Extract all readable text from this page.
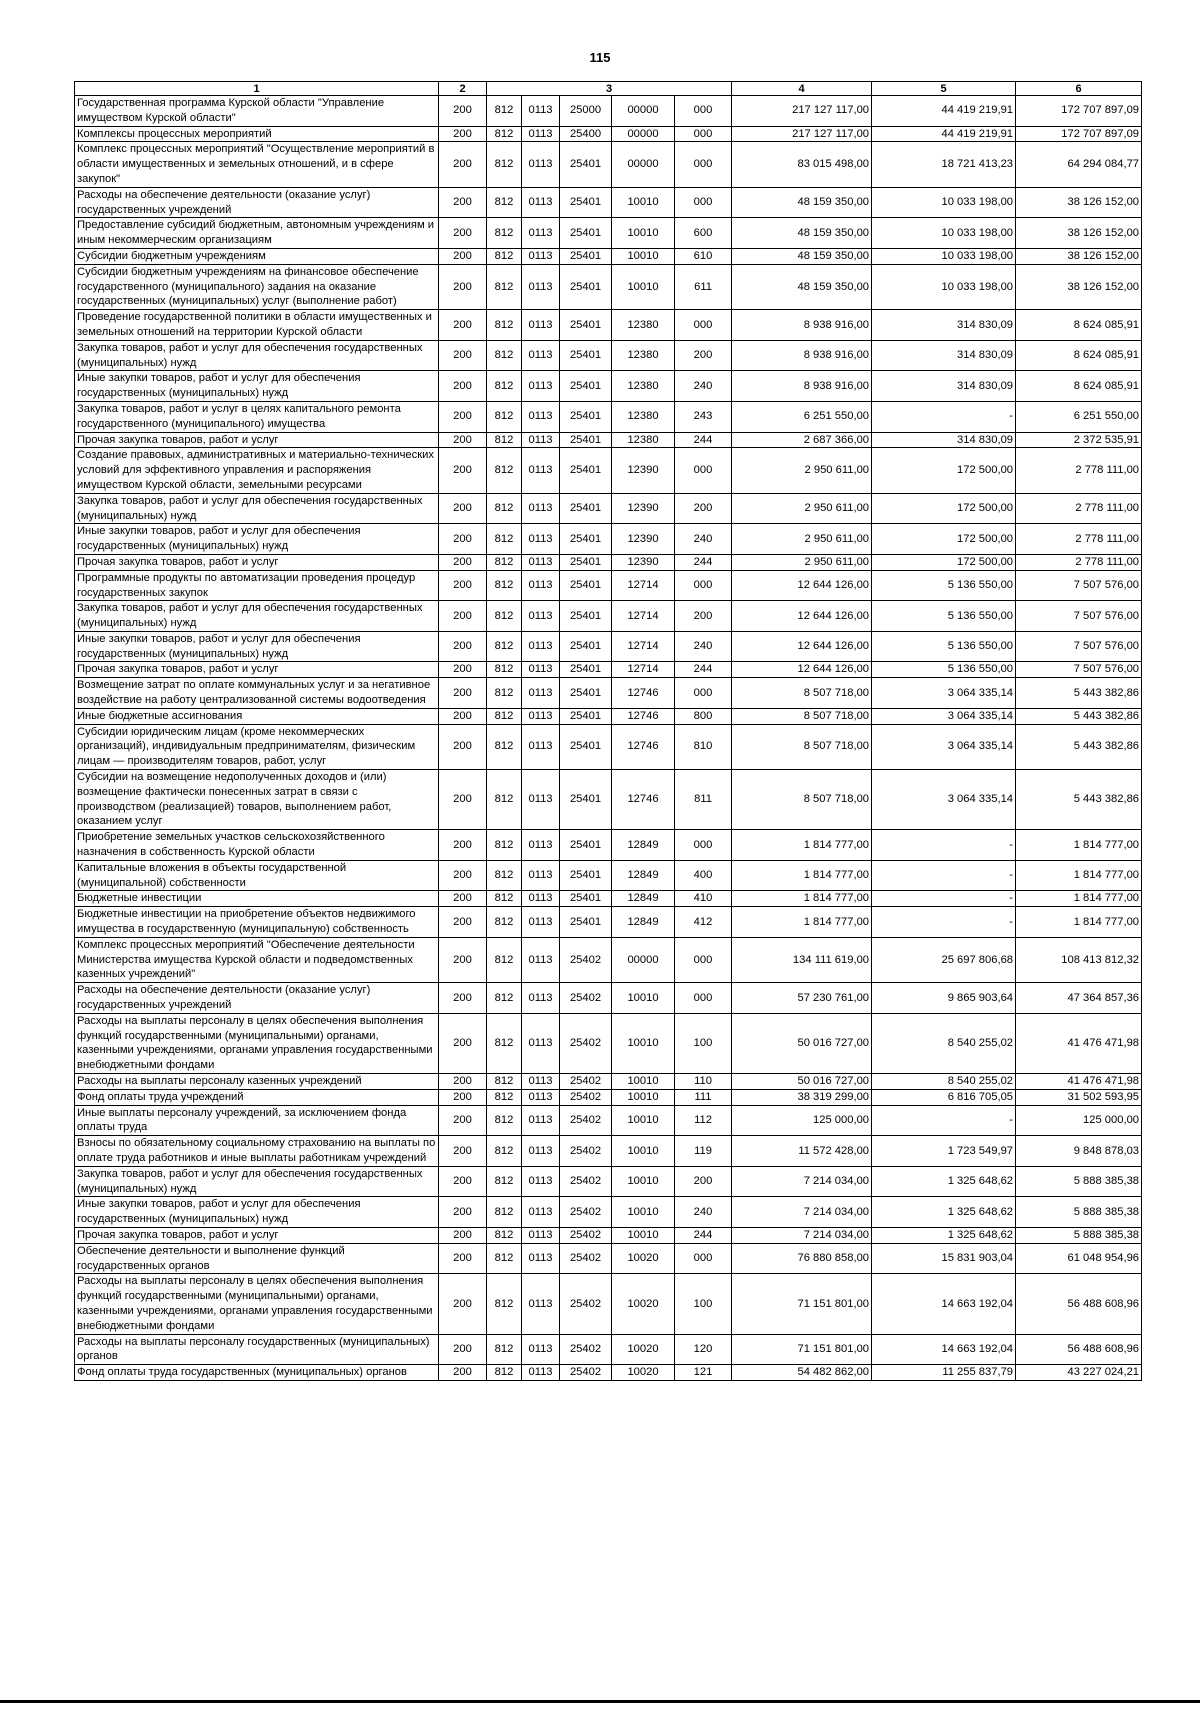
115
1	2	3					4	5	6
Государственная программа Курской области "Управление имуществом Курской области"	200	812	0113	25000	00000	000	217 127 117,00	44 419 219,91	172 707 897,09
Комплексы процессных мероприятий	200	812	0113	25400	00000	000	217 127 117,00	44 419 219,91	172 707 897,09
Комплекс процессных мероприятий "Осуществление мероприятий в области имущественных и земельных отношений, и в сфере закупок"	200	812	0113	25401	00000	000	83 015 498,00	18 721 413,23	64 294 084,77
Расходы на обеспечение деятельности (оказание услуг) государственных учреждений	200	812	0113	25401	10010	000	48 159 350,00	10 033 198,00	38 126 152,00
Предоставление субсидий бюджетным, автономным учреждениям и иным некоммерческим организациям	200	812	0113	25401	10010	600	48 159 350,00	10 033 198,00	38 126 152,00
Субсидии бюджетным учреждениям	200	812	0113	25401	10010	610	48 159 350,00	10 033 198,00	38 126 152,00
Субсидии бюджетным учреждениям на финансовое обеспечение государственного (муниципального) задания на оказание государственных (муниципальных) услуг (выполнение работ)	200	812	0113	25401	10010	611	48 159 350,00	10 033 198,00	38 126 152,00
Проведение государственной политики в области имущественных и земельных отношений на территории Курской области	200	812	0113	25401	12380	000	8 938 916,00	314 830,09	8 624 085,91
Закупка товаров, работ и услуг для обеспечения государственных (муниципальных) нужд	200	812	0113	25401	12380	200	8 938 916,00	314 830,09	8 624 085,91
Иные закупки товаров, работ и услуг для обеспечения государственных (муниципальных) нужд	200	812	0113	25401	12380	240	8 938 916,00	314 830,09	8 624 085,91
Закупка товаров, работ и услуг в целях капитального ремонта государственного (муниципального) имущества	200	812	0113	25401	12380	243	6 251 550,00	-	6 251 550,00
Прочая закупка товаров, работ и услуг	200	812	0113	25401	12380	244	2 687 366,00	314 830,09	2 372 535,91
Создание правовых, административных и материально-технических условий для эффективного управления и распоряжения имуществом Курской области, земельными ресурсами	200	812	0113	25401	12390	000	2 950 611,00	172 500,00	2 778 111,00
Закупка товаров, работ и услуг для обеспечения государственных (муниципальных) нужд	200	812	0113	25401	12390	200	2 950 611,00	172 500,00	2 778 111,00
Иные закупки товаров, работ и услуг для обеспечения государственных (муниципальных) нужд	200	812	0113	25401	12390	240	2 950 611,00	172 500,00	2 778 111,00
Прочая закупка товаров, работ и услуг	200	812	0113	25401	12390	244	2 950 611,00	172 500,00	2 778 111,00
Программные продукты по автоматизации проведения процедур государственных закупок	200	812	0113	25401	12714	000	12 644 126,00	5 136 550,00	7 507 576,00
Закупка товаров, работ и услуг для обеспечения государственных (муниципальных) нужд	200	812	0113	25401	12714	200	12 644 126,00	5 136 550,00	7 507 576,00
Иные закупки товаров, работ и услуг для обеспечения государственных (муниципальных) нужд	200	812	0113	25401	12714	240	12 644 126,00	5 136 550,00	7 507 576,00
Прочая закупка товаров, работ и услуг	200	812	0113	25401	12714	244	12 644 126,00	5 136 550,00	7 507 576,00
Возмещение затрат по оплате коммунальных услуг и за негативное воздействие на работу централизованной системы водоотведения	200	812	0113	25401	12746	000	8 507 718,00	3 064 335,14	5 443 382,86
Иные бюджетные ассигнования	200	812	0113	25401	12746	800	8 507 718,00	3 064 335,14	5 443 382,86
Субсидии юридическим лицам (кроме некоммерческих организаций), индивидуальным предпринимателям, физическим лицам — производителям товаров, работ, услуг	200	812	0113	25401	12746	810	8 507 718,00	3 064 335,14	5 443 382,86
Субсидии на возмещение недополученных доходов и (или) возмещение фактически понесенных затрат в связи с производством (реализацией) товаров, выполнением работ, оказанием услуг	200	812	0113	25401	12746	811	8 507 718,00	3 064 335,14	5 443 382,86
Приобретение земельных участков сельскохозяйственного назначения в собственность Курской области	200	812	0113	25401	12849	000	1 814 777,00	-	1 814 777,00
Капитальные вложения в объекты государственной (муниципальной) собственности	200	812	0113	25401	12849	400	1 814 777,00	-	1 814 777,00
Бюджетные инвестиции	200	812	0113	25401	12849	410	1 814 777,00	-	1 814 777,00
Бюджетные инвестиции на приобретение объектов недвижимого имущества в государственную (муниципальную) собственность	200	812	0113	25401	12849	412	1 814 777,00	-	1 814 777,00
Комплекс процессных мероприятий "Обеспечение деятельности Министерства имущества Курской области и подведомственных казенных учреждений"	200	812	0113	25402	00000	000	134 111 619,00	25 697 806,68	108 413 812,32
Расходы на обеспечение деятельности (оказание услуг) государственных учреждений	200	812	0113	25402	10010	000	57 230 761,00	9 865 903,64	47 364 857,36
Расходы на выплаты персоналу в целях обеспечения выполнения функций государственными (муниципальными) органами, казенными учреждениями, органами управления государственными внебюджетными фондами	200	812	0113	25402	10010	100	50 016 727,00	8 540 255,02	41 476 471,98
Расходы на выплаты персоналу казенных учреждений	200	812	0113	25402	10010	110	50 016 727,00	8 540 255,02	41 476 471,98
Фонд оплаты труда учреждений	200	812	0113	25402	10010	111	38 319 299,00	6 816 705,05	31 502 593,95
Иные выплаты персоналу учреждений, за исключением фонда оплаты труда	200	812	0113	25402	10010	112	125 000,00	-	125 000,00
Взносы по обязательному социальному страхованию на выплаты по оплате труда работников и иные выплаты работникам учреждений	200	812	0113	25402	10010	119	11 572 428,00	1 723 549,97	9 848 878,03
Закупка товаров, работ и услуг для обеспечения государственных (муниципальных) нужд	200	812	0113	25402	10010	200	7 214 034,00	1 325 648,62	5 888 385,38
Иные закупки товаров, работ и услуг для обеспечения государственных (муниципальных) нужд	200	812	0113	25402	10010	240	7 214 034,00	1 325 648,62	5 888 385,38
Прочая закупка товаров, работ и услуг	200	812	0113	25402	10010	244	7 214 034,00	1 325 648,62	5 888 385,38
Обеспечение деятельности и выполнение функций государственных органов	200	812	0113	25402	10020	000	76 880 858,00	15 831 903,04	61 048 954,96
Расходы на выплаты персоналу в целях обеспечения выполнения функций государственными (муниципальными) органами, казенными учреждениями, органами управления государственными внебюджетными фондами	200	812	0113	25402	10020	100	71 151 801,00	14 663 192,04	56 488 608,96
Расходы на выплаты персоналу государственных (муниципальных) органов	200	812	0113	25402	10020	120	71 151 801,00	14 663 192,04	56 488 608,96
Фонд оплаты труда государственных (муниципальных) органов	200	812	0113	25402	10020	121	54 482 862,00	11 255 837,79	43 227 024,21
